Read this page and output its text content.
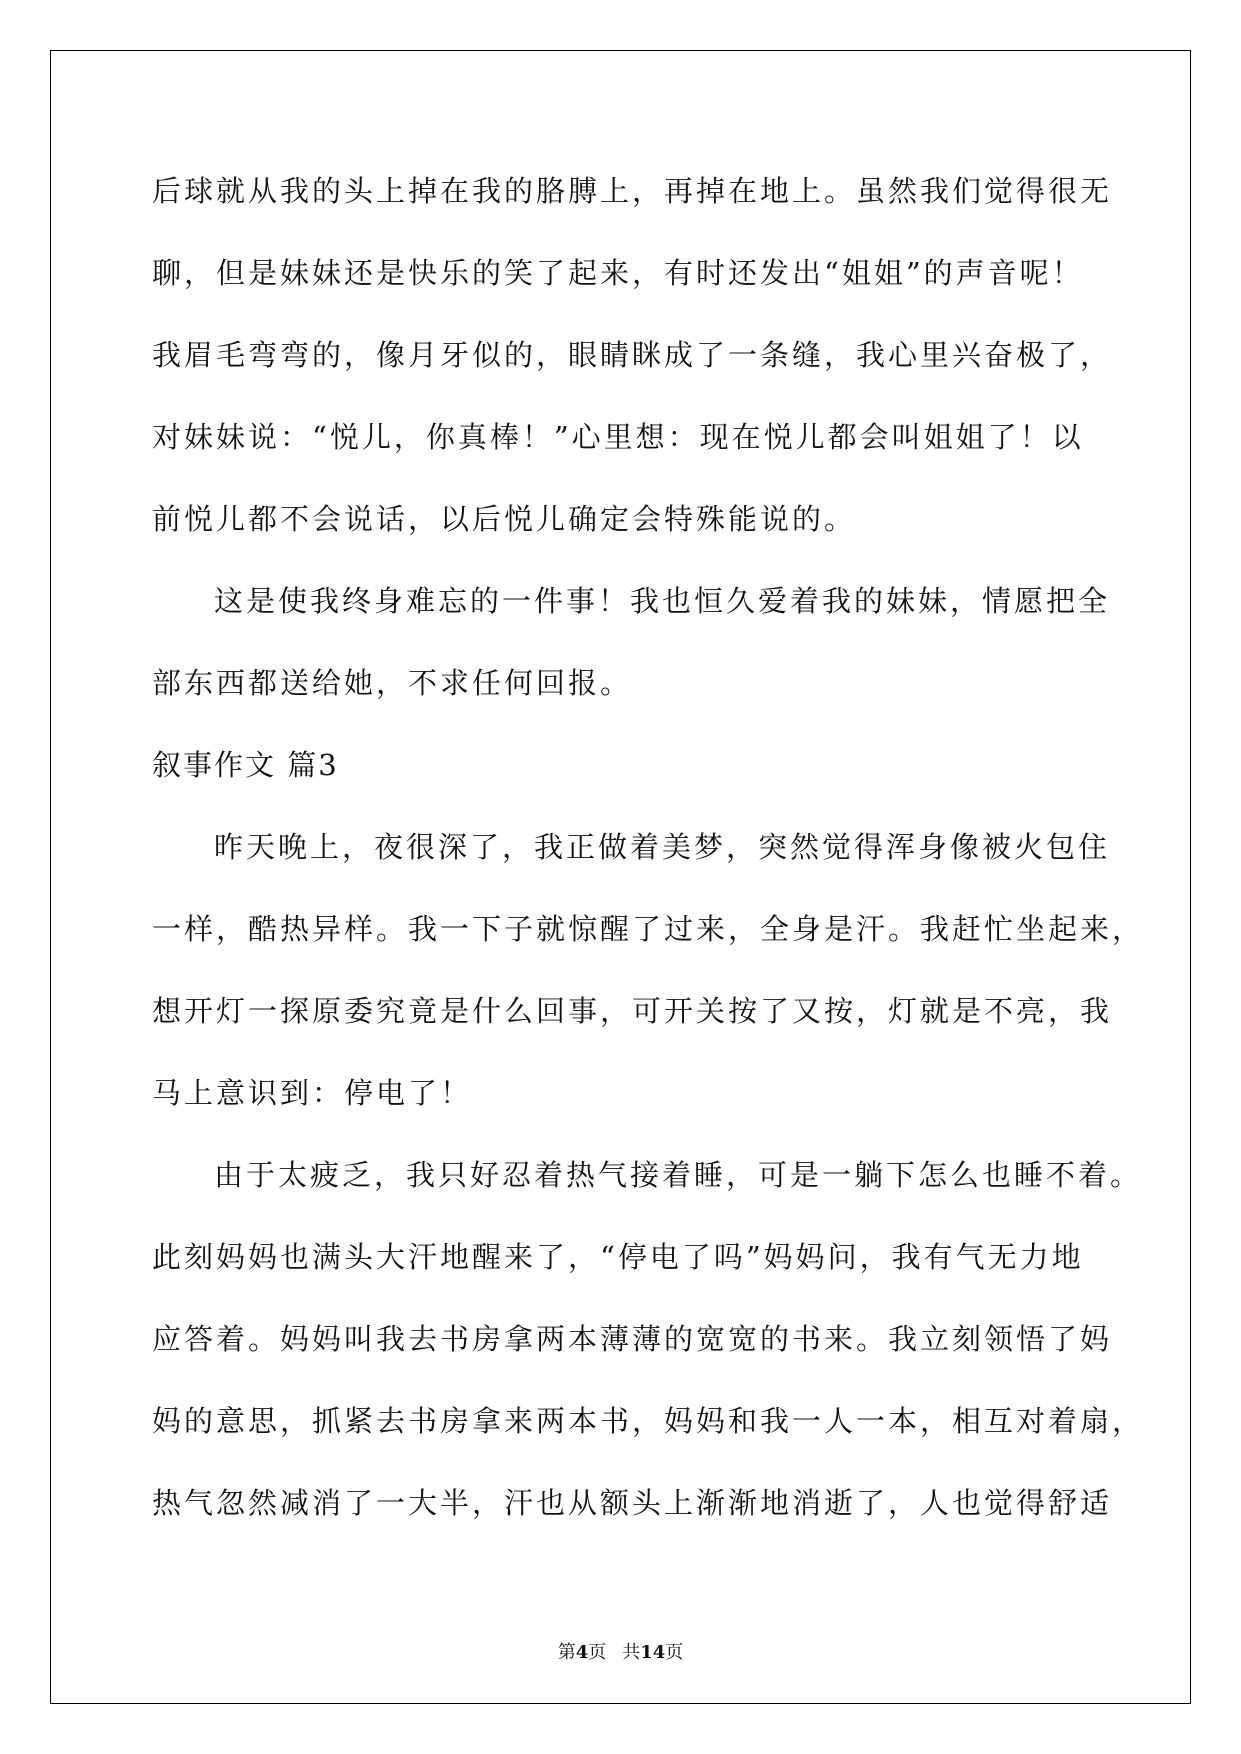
后球就从我的头上掉在我的胳膊上，再掉在地上。虽然我们觉得很无
聊，但是妹妹还是快乐的笑了起来，有时还发出“姐姐”的声音呢！
我眉毛弯弯的，像月牙似的，眼睛眯成了一条缝，我心里兴奋极了，
对妹妹说：“悦儿，你真棒！”心里想：现在悦儿都会叫姐姐了！以
前悦儿都不会说话，以后悦儿确定会特殊能说的。
这是使我终身难忘的一件事！我也恒久爱着我的妹妹，情愿把全
部东西都送给她，不求任何回报。
叙事作文 篇3
昨天晚上，夜很深了，我正做着美梦，突然觉得浑身像被火包住
一样，酷热异样。我一下子就惊醒了过来，全身是汗。我赶忙坐起来，
想开灯一探原委究竟是什么回事，可开关按了又按，灯就是不亮，我
马上意识到：停电了！
由于太疲乏，我只好忍着热气接着睡，可是一躺下怎么也睡不着。
此刻妈妈也满头大汗地醒来了，“停电了吗”妈妈问，我有气无力地
应答着。妈妈叫我去书房拿两本薄薄的宽宽的书来。我立刻领悟了妈
妈的意思，抓紧去书房拿来两本书，妈妈和我一人一本，相互对着扇，
热气忽然减消了一大半，汗也从额头上渐渐地消逝了，人也觉得舒适
第4页 共14页
